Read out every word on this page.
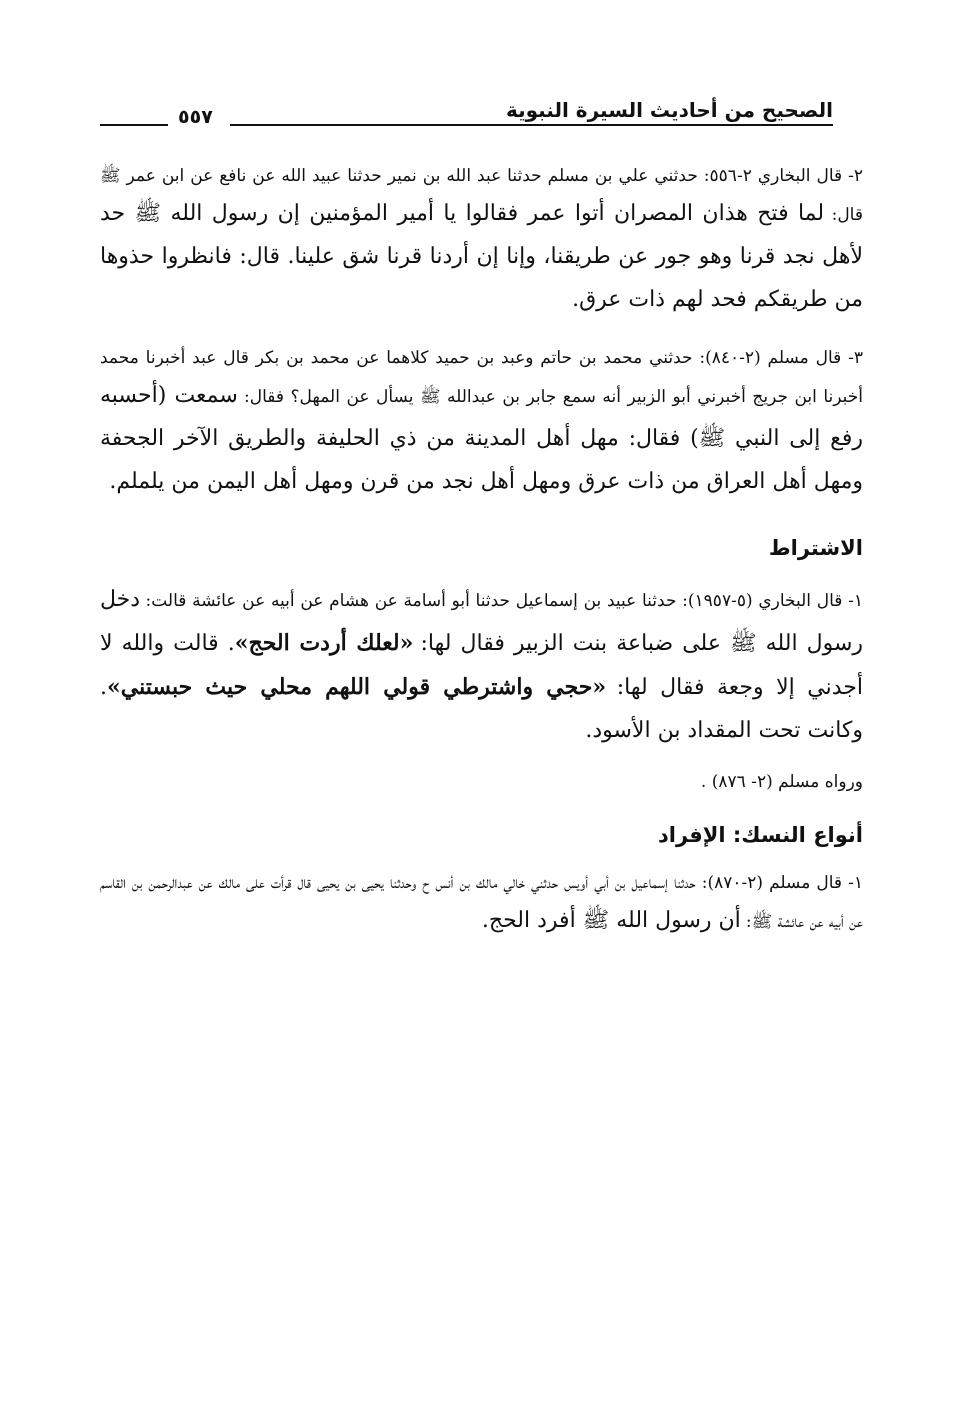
الصحيح من أحاديث السيرة النبوية
٥٥٧

٢- قال البخاري ٢-٥٥٦: حدثني علي بن مسلم حدثنا عبد الله بن نمير حدثنا عبيد الله عن نافع عن ابن عمر ﷺ قال: لما فتح هذان المصران أتوا عمر فقالوا يا أمير المؤمنين إن رسول الله ﷺ حد لأهل نجد قرنا وهو جور عن طريقنا، وإنا إن أردنا قرنا شق علينا. قال: فانظروا حذوها من طريقكم فحد لهم ذات عرق.

٣- قال مسلم (٢-٨٤٠): حدثني محمد بن حاتم وعبد بن حميد كلاهما عن محمد بن بكر قال عبد أخبرنا محمد أخبرنا ابن جريج أخبرني أبو الزبير أنه سمع جابر بن عبدالله ﷺ يسأل عن المهل؟ فقال: سمعت (أحسبه رفع إلى النبي ﷺ) فقال: مهل أهل المدينة من ذي الحليفة والطريق الآخر الجحفة ومهل أهل العراق من ذات عرق ومهل أهل نجد من قرن ومهل أهل اليمن من يلملم.

الاشتراط

١- قال البخاري (٥-١٩٥٧): حدثنا عبيد بن إسماعيل حدثنا أبو أسامة عن هشام عن أبيه عن عائشة قالت: دخل رسول الله ﷺ على ضباعة بنت الزبير فقال لها: «لعلك أردت الحج». قالت والله لا أجدني إلا وجعة فقال لها: «حجي واشترطي قولي اللهم محلي حيث حبستني». وكانت تحت المقداد بن الأسود.

ورواه مسلم (٢- ٨٧٦) .
أنواع النسك: الإفراد

١- قال مسلم (٢-٨٧٠): حدثنا إسماعيل بن أبي أويس حدثني خالي مالك بن أنس ح وحدثنا يحيى بن يحيى قال قرأت على مالك عن عبدالرحمن بن القاسم عن أبيه عن عائشة ﷺ: أن رسول الله ﷺ أفرد الحج.
